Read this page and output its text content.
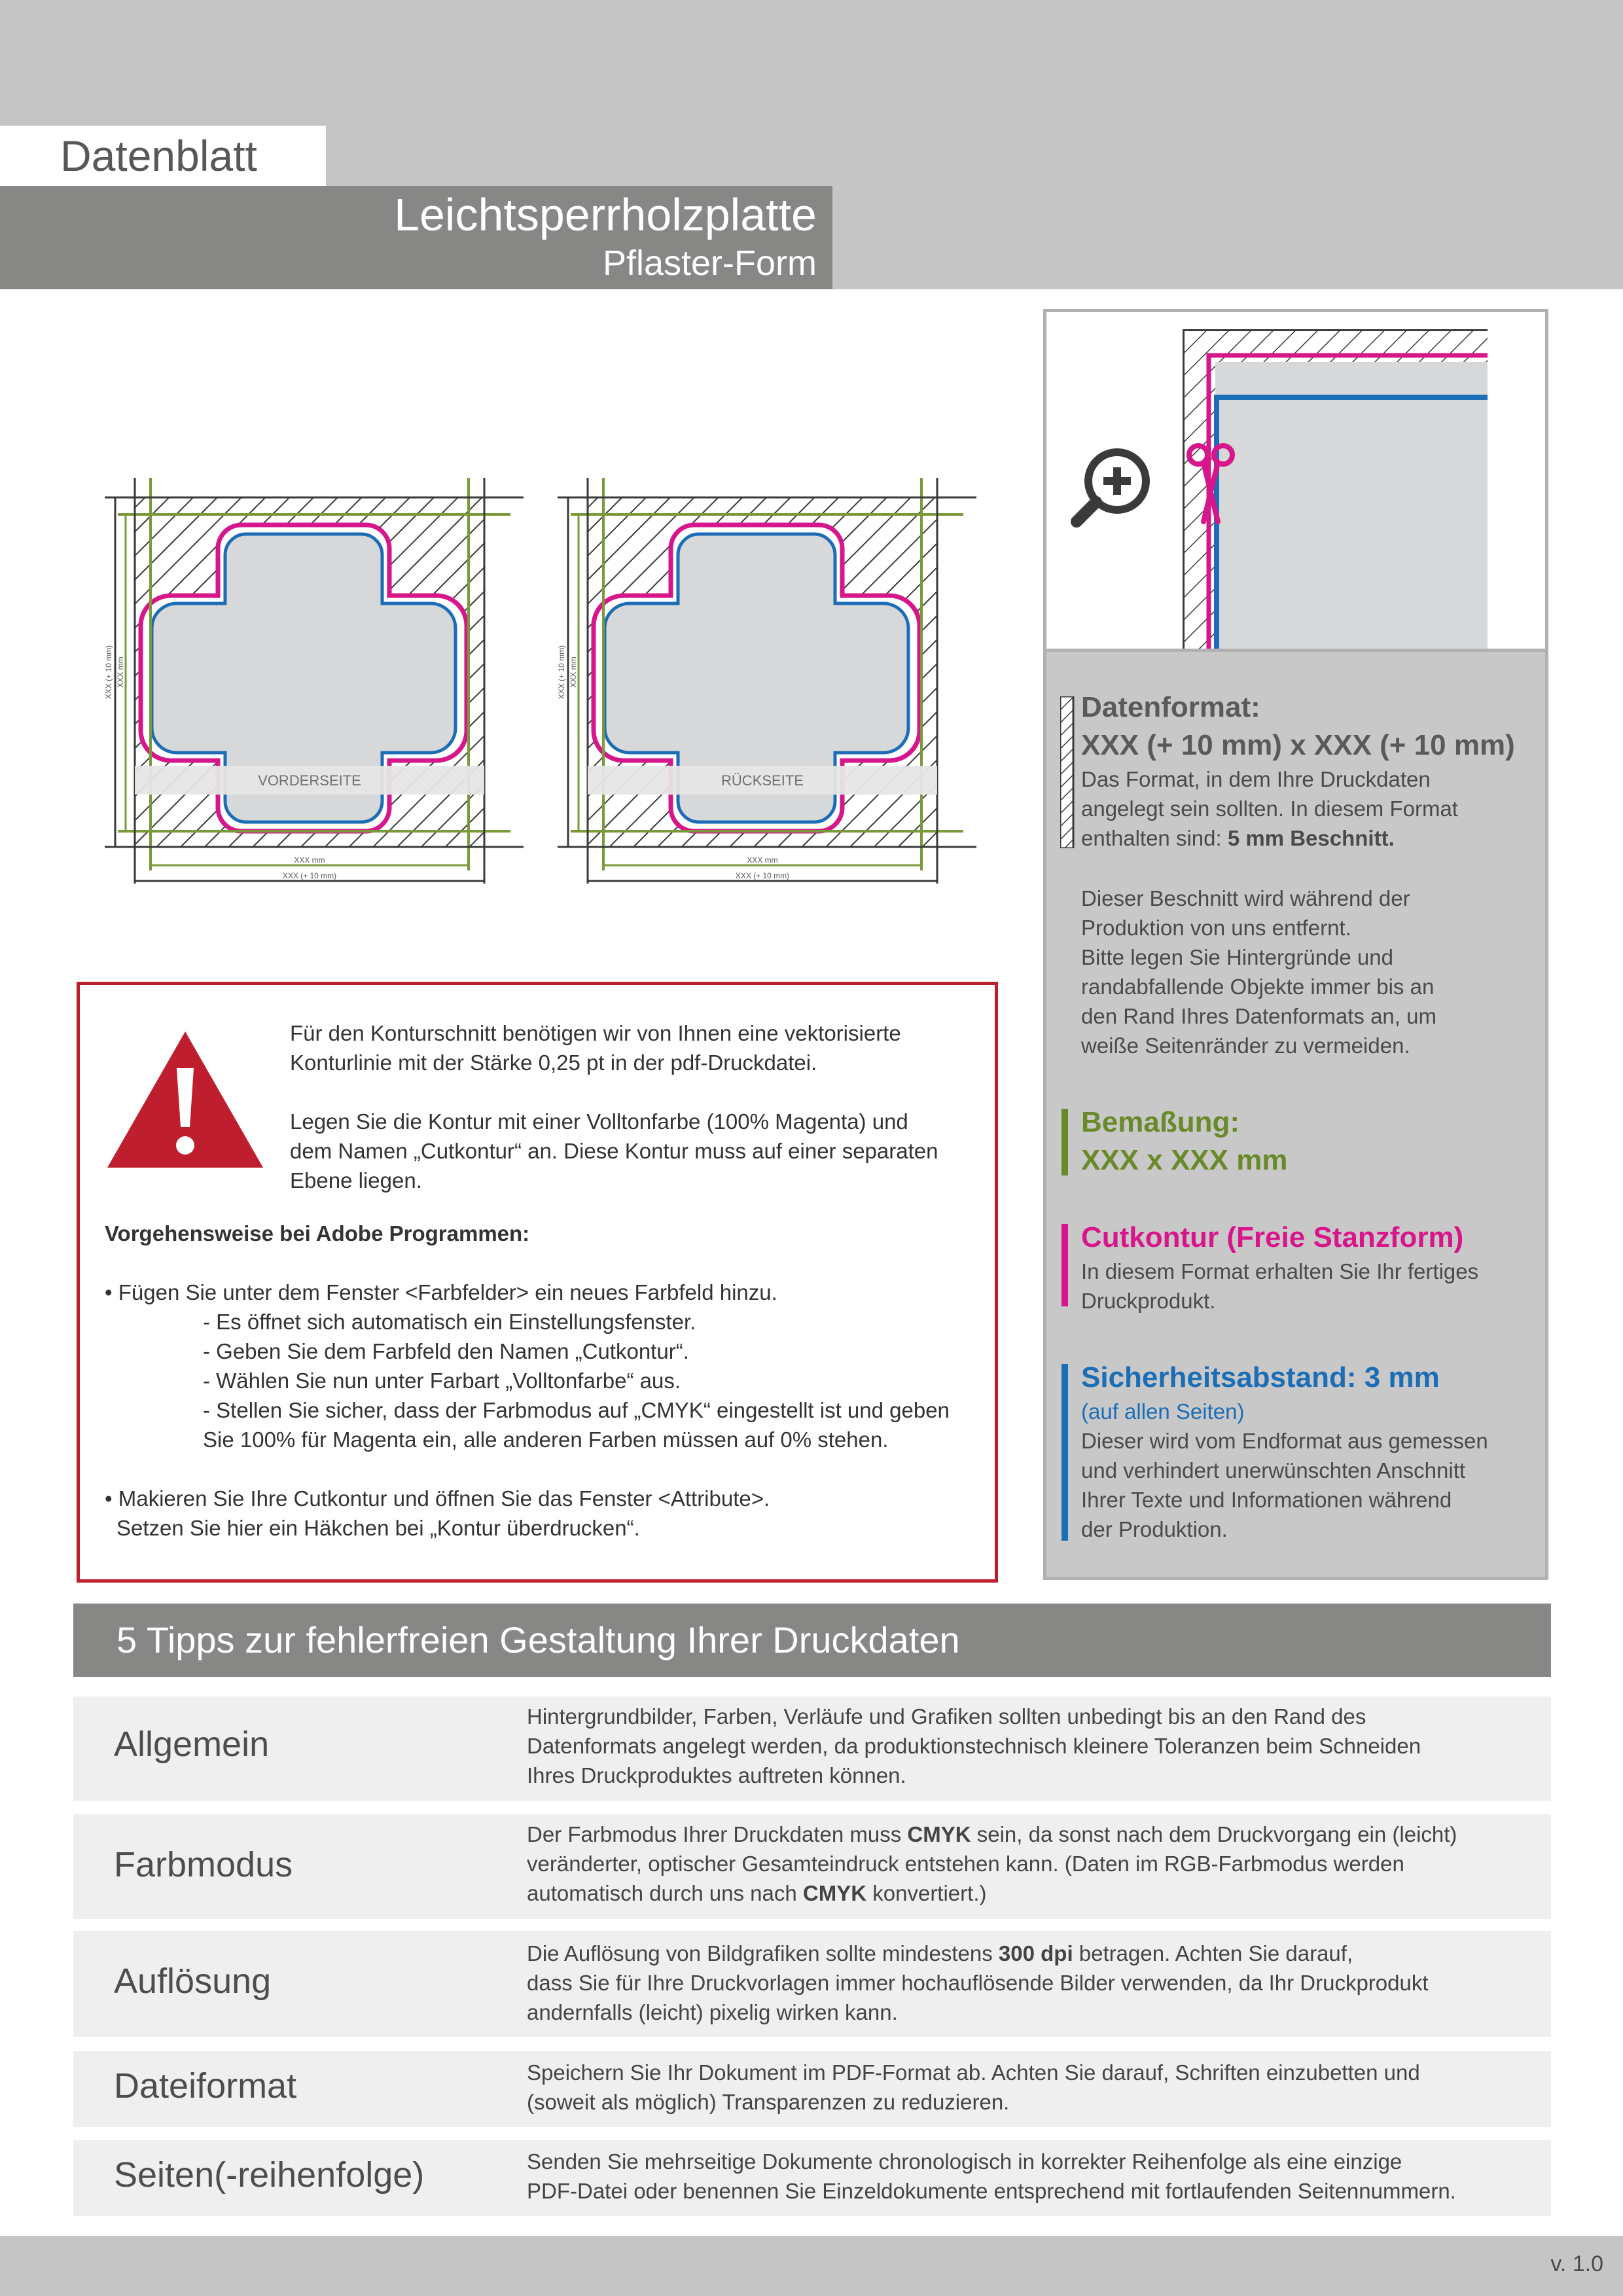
Datenblatt
Leichtsperrholzplatte
Pflaster-Form
VORDERSEITE
XXX mm
XXX (+ 10 mm)
XXX (+ 10 mm) XXX mm
RÜCKSEITE
XXX mm
XXX (+ 10 mm)
XXX (+ 10 mm) XXX mm
Datenformat:
XXX (+ 10 mm) x XXX (+ 10 mm)
Das Format, in dem Ihre Druckdaten
angelegt sein sollten. In diesem Format
enthalten sind: 5 mm Beschnitt.
Dieser Beschnitt wird während der
Produktion von uns entfernt.
Bitte legen Sie Hintergründe und
randabfallende Objekte immer bis an
den Rand Ihres Datenformats an, um
weiße Seitenränder zu vermeiden.
Bemaßung:
XXX x XXX mm
Cutkontur (Freie Stanzform)
In diesem Format erhalten Sie Ihr fertiges
Druckprodukt.
Sicherheitsabstand: 3 mm
(auf allen Seiten)
Dieser wird vom Endformat aus gemessen
und verhindert unerwünschten Anschnitt
Ihrer Texte und Informationen während
der Produktion.
Für den Konturschnitt benötigen wir von Ihnen eine vektorisierte
Konturlinie mit der Stärke 0,25 pt in der pdf-Druckdatei.
Legen Sie die Kontur mit einer Volltonfarbe (100% Magenta) und
dem Namen „Cutkontur“ an. Diese Kontur muss auf einer separaten
Ebene liegen.
Vorgehensweise bei Adobe Programmen:
• Fügen Sie unter dem Fenster <Farbfelder> ein neues Farbfeld hinzu.
- Es öffnet sich automatisch ein Einstellungsfenster.
- Geben Sie dem Farbfeld den Namen „Cutkontur“.
- Wählen Sie nun unter Farbart „Volltonfarbe“ aus.
- Stellen Sie sicher, dass der Farbmodus auf „CMYK“ eingestellt ist und geben
Sie 100% für Magenta ein, alle anderen Farben müssen auf 0% stehen.
• Makieren Sie Ihre Cutkontur und öffnen Sie das Fenster <Attribute>.
Setzen Sie hier ein Häkchen bei „Kontur überdrucken“.
5 Tipps zur fehlerfreien Gestaltung Ihrer Druckdaten
Allgemein
Hintergrundbilder, Farben, Verläufe und Grafiken sollten unbedingt bis an den Rand des
Datenformats angelegt werden, da produktionstechnisch kleinere Toleranzen beim Schneiden
Ihres Druckproduktes auftreten können.
Farbmodus
Der Farbmodus Ihrer Druckdaten muss CMYK sein, da sonst nach dem Druckvorgang ein (leicht)
veränderter, optischer Gesamteindruck entstehen kann. (Daten im RGB-Farbmodus werden
automatisch durch uns nach CMYK konvertiert.)
Auflösung
Die Auflösung von Bildgrafiken sollte mindestens 300 dpi betragen. Achten Sie darauf,
dass Sie für Ihre Druckvorlagen immer hochauflösende Bilder verwenden, da Ihr Druckprodukt
andernfalls (leicht) pixelig wirken kann.
Dateiformat	Speichern Sie Ihr Dokument im PDF-Format ab. Achten Sie darauf, Schriften einzubetten und
(soweit als möglich) Transparenzen zu reduzieren.
Seiten(-reihenfolge)	Senden Sie mehrseitige Dokumente chronologisch in korrekter Reihenfolge als eine einzige
PDF-Datei oder benennen Sie Einzeldokumente entsprechend mit fortlaufenden Seitennummern.
v. 1.0
